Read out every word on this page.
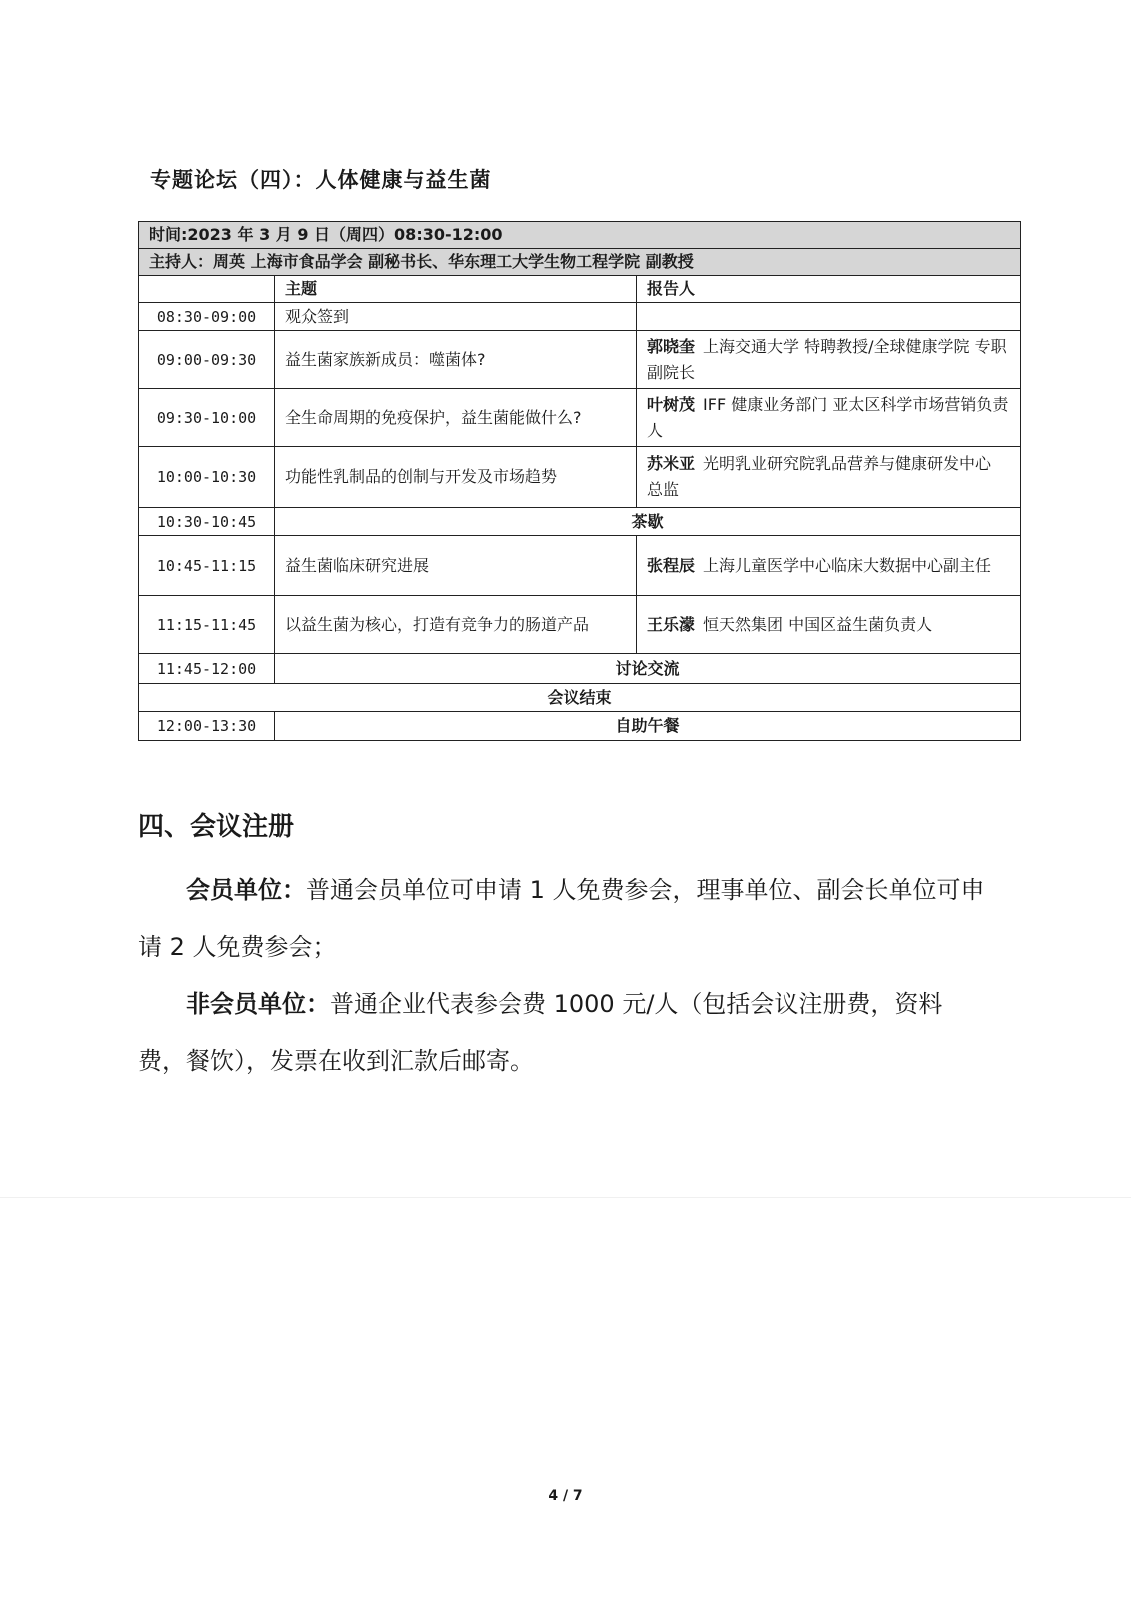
专题论坛（四）：人体健康与益生菌
时间:2023 年 3 月 9 日（周四）08:30-12:00		
主持人：周英 上海市食品学会 副秘书长、华东理工大学生物工程学院 副教授		
	主题	报告人
08:30-09:00	观众签到	
09:00-09:30	益生菌家族新成员：噬菌体?	郭晓奎 上海交通大学 特聘教授/全球健康学院 专职副院长
09:30-10:00	全生命周期的免疫保护，益生菌能做什么?	叶树茂 IFF 健康业务部门 亚太区科学市场营销负责人
10:00-10:30	功能性乳制品的创制与开发及市场趋势	苏米亚 光明乳业研究院乳品营养与健康研发中心 总监
10:30-10:45	茶歇	
10:45-11:15	益生菌临床研究进展	张程辰 上海儿童医学中心临床大数据中心副主任
11:15-11:45	以益生菌为核心，打造有竞争力的肠道产品	王乐濛 恒天然集团 中国区益生菌负责人
11:45-12:00	讨论交流	
会议结束		
12:00-13:30	自助午餐	
四、会议注册
会员单位：普通会员单位可申请 1 人免费参会，理事单位、副会长单位可申请 2 人免费参会；
非会员单位：普通企业代表参会费 1000 元/人（包括会议注册费，资料费，餐饮），发票在收到汇款后邮寄。
4 / 7
